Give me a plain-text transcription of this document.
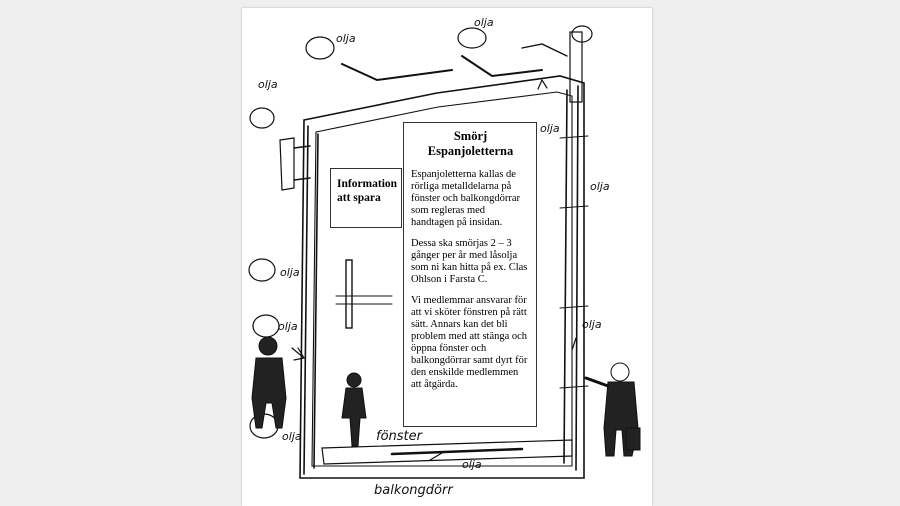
olja
olja
olja
olja
olja
olja
olja	olja
olja
olja
fönster
balkongdörr
Information att spara
Smörj Espanjoletterna

Espanjoletterna kallas de rörliga metalldelarna på fönster och balkongdörrar som regleras med handtagen på insidan.

Dessa ska smörjas 2 – 3 gånger per år med låsolja som ni kan hitta på ex. Clas Ohlson i Farsta C.

Vi medlemmar ansvarar för att vi sköter fönstren på rätt sätt. Annars kan det bli problem med att stänga och öppna fönster och balkongdörrar samt dyrt för den enskilde medlemmen att åtgärda.
